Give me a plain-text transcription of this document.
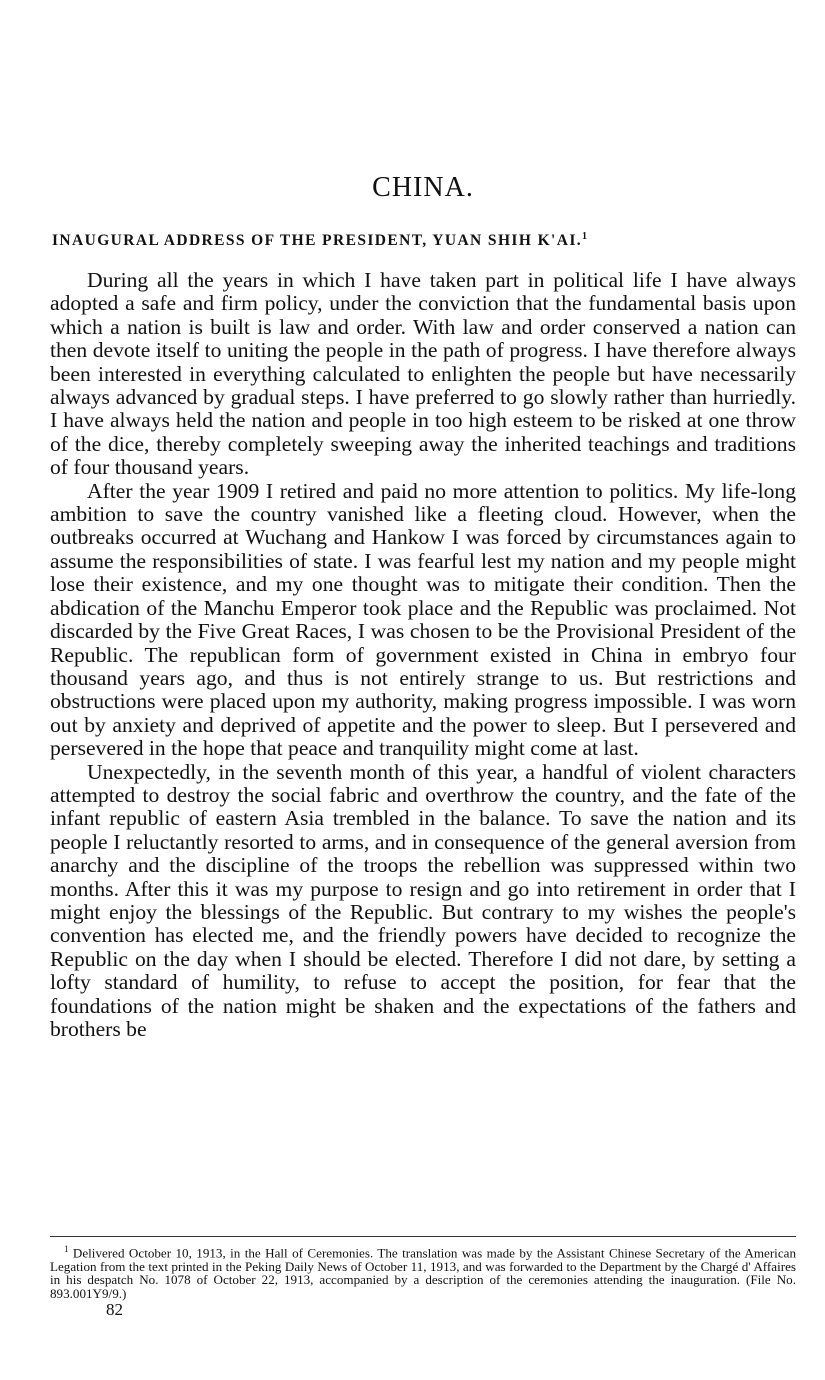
CHINA.
INAUGURAL ADDRESS OF THE PRESIDENT, YUAN SHIH K'AI.$^1$

During all the years in which I have taken part in political life I have always adopted a safe and firm policy, under the conviction that the fundamental basis upon which a nation is built is law and order. With law and order conserved a nation can then devote itself to uniting the people in the path of progress. I have therefore always been interested in everything calculated to enlighten the people but have necessarily always advanced by gradual steps. I have preferred to go slowly rather than hurriedly. I have always held the nation and people in too high esteem to be risked at one throw of the dice, thereby completely sweeping away the inherited teachings and traditions of four thousand years.

After the year 1909 I retired and paid no more attention to politics. My life-long ambition to save the country vanished like a fleeting cloud. However, when the outbreaks occurred at Wuchang and Hankow I was forced by circumstances again to assume the responsibilities of state. I was fearful lest my nation and my people might lose their existence, and my one thought was to mitigate their condition. Then the abdication of the Manchu Emperor took place and the Republic was proclaimed. Not discarded by the Five Great Races, I was chosen to be the Provisional President of the Republic. The republican form of government existed in China in embryo four thousand years ago, and thus is not entirely strange to us. But restrictions and obstructions were placed upon my authority, making progress impossible. I was worn out by anxiety and deprived of appetite and the power to sleep. But I persevered and persevered in the hope that peace and tranquility might come at last.

Unexpectedly, in the seventh month of this year, a handful of violent characters attempted to destroy the social fabric and overthrow the country, and the fate of the infant republic of eastern Asia trembled in the balance. To save the nation and its people I reluctantly resorted to arms, and in consequence of the general aversion from anarchy and the discipline of the troops the rebellion was suppressed within two months. After this it was my purpose to resign and go into retirement in order that I might enjoy the blessings of the Republic. But contrary to my wishes the people's convention has elected me, and the friendly powers have decided to recognize the Republic on the day when I should be elected. Therefore I did not dare, by setting a lofty standard of humility, to refuse to accept the position, for fear that the foundations of the nation might be shaken and the expectations of the fathers and brothers be

$^1$ Delivered October 10, 1913, in the Hall of Ceremonies. The translation was made by the Assistant Chinese Secretary of the American Legation from the text printed in the Peking Daily News of October 11, 1913, and was forwarded to the Department by the Chargé d' Affaires in his despatch No. 1078 of October 22, 1913, accompanied by a description of the ceremonies attending the inauguration. (File No. 893.001Y9/9.)

82
